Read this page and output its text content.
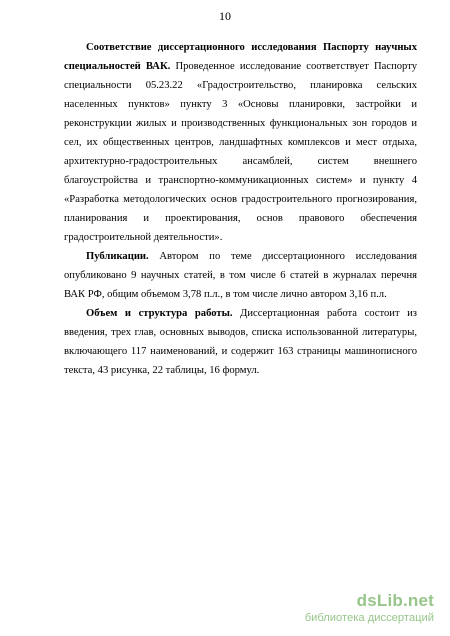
10

Соответствие диссертационного исследования Паспорту научных специальностей ВАК. Проведенное исследование соответствует Паспорту специальности 05.23.22 «Градостроительство, планировка сельских населенных пунктов» пункту 3 «Основы планировки, застройки и реконструкции жилых и производственных функциональных зон городов и сел, их общественных центров, ландшафтных комплексов и мест отдыха, архитектурно-градостроительных ансамблей, систем внешнего благоустройства и транспортно-коммуникационных систем» и пункту 4 «Разработка методологических основ градостроительного прогнозирования, планирования и проектирования, основ правового обеспечения градостроительной деятельности».

Публикации. Автором по теме диссертационного исследования опубликовано 9 научных статей, в том числе 6 статей в журналах перечня ВАК РФ, общим объемом 3,78 п.л., в том числе лично автором 3,16 п.л.

Объем и структура работы. Диссертационная работа состоит из введения, трех глав, основных выводов, списка использованной литературы, включающего 117 наименований, и содержит 163 страницы машинописного текста, 43 рисунка, 22 таблицы, 16 формул.

dsLib.net
библиотека диссертаций
